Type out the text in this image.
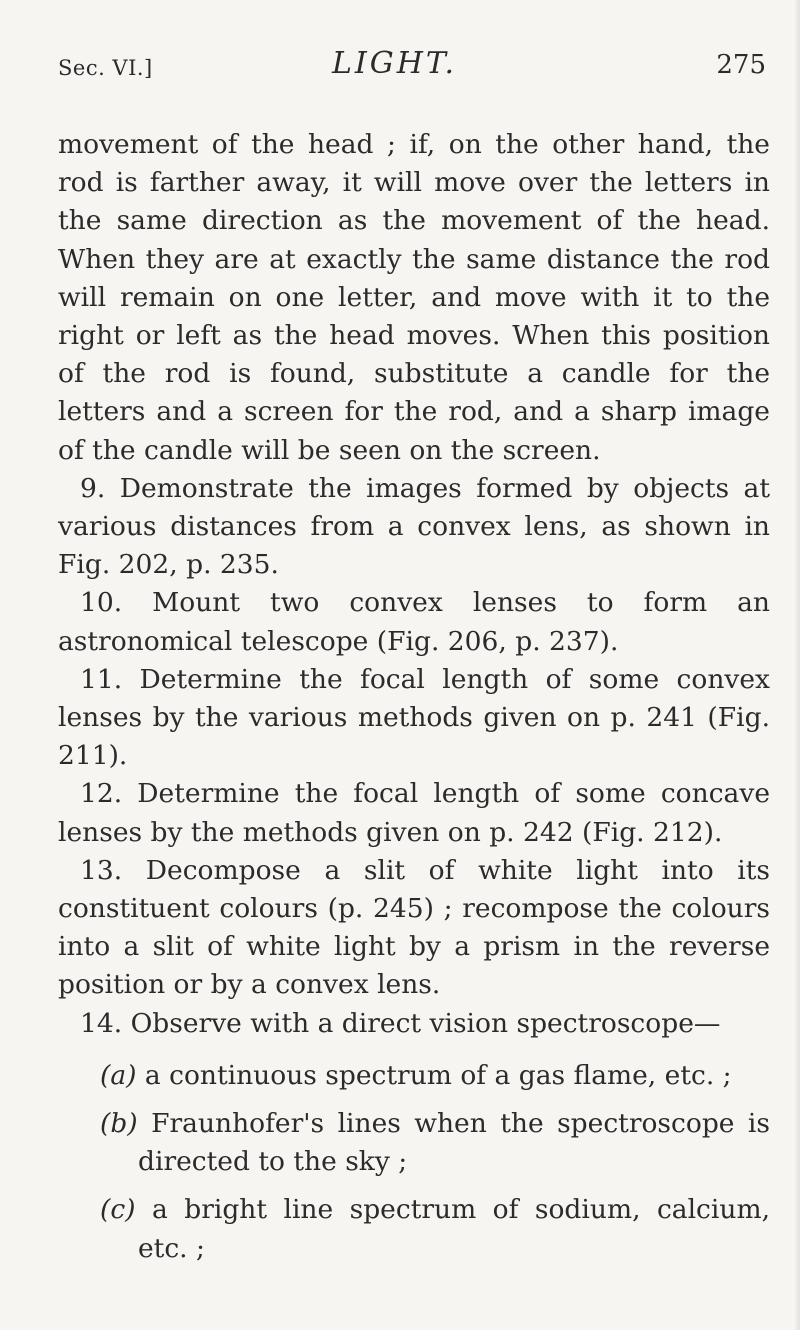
Sec. VI.]	LIGHT.	275

movement of the head ; if, on the other hand, the rod is farther away, it will move over the letters in the same direction as the movement of the head. When they are at exactly the same distance the rod will remain on one letter, and move with it to the right or left as the head moves. When this position of the rod is found, substitute a candle for the letters and a screen for the rod, and a sharp image of the candle will be seen on the screen.

9. Demonstrate the images formed by objects at various distances from a convex lens, as shown in Fig. 202, p. 235.

10. Mount two convex lenses to form an astronomical telescope (Fig. 206, p. 237).

11. Determine the focal length of some convex lenses by the various methods given on p. 241 (Fig. 211).

12. Determine the focal length of some concave lenses by the methods given on p. 242 (Fig. 212).

13. Decompose a slit of white light into its constituent colours (p. 245) ; recompose the colours into a slit of white light by a prism in the reverse position or by a convex lens.

14. Observe with a direct vision spectroscope—

(a) a continuous spectrum of a gas flame, etc. ;

(b) Fraunhofer's lines when the spectroscope is directed to the sky ;

(c) a bright line spectrum of sodium, calcium, etc. ;
